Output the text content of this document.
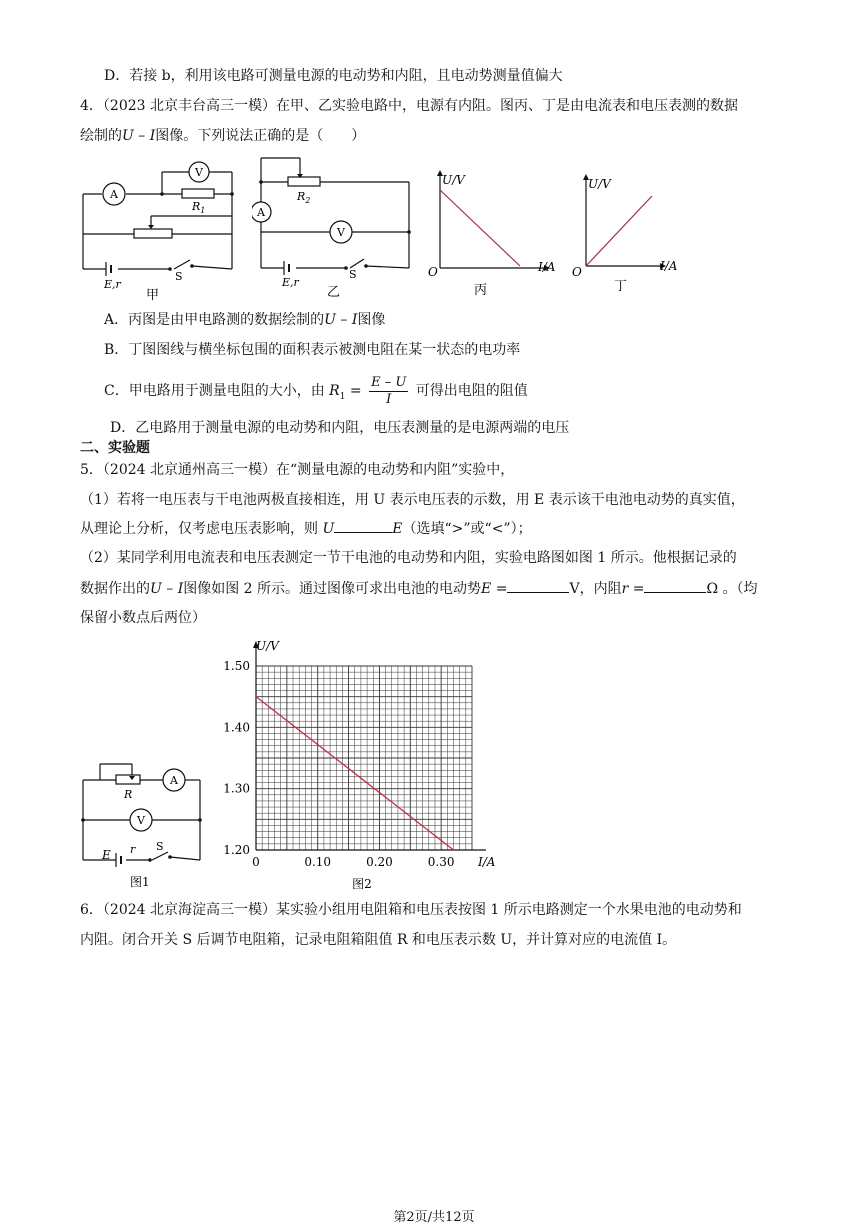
D．若接 b，利用该电路可测量电源的电动势和内阻，且电动势测量值偏大
4．（2023 北京丰台高三一模）在甲、乙实验电路中，电源有内阻。图丙、丁是由电流表和电压表测的数据
绘制的U – I图像。下列说法正确的是（　　）
A
V
$R_1$
E,r
S
甲
$R_2$
A
V
E,r
S
乙
U/V
I/A
O
丙
U/V
I/A
O
丁
A．丙图是由甲电路测的数据绘制的U – I图像
B．丁图图线与横坐标包围的面积表示被测电阻在某一状态的电功率
C．甲电路用于测量电阻的大小，由 $R_1 = \frac{E - U}{I}$ 可得出电阻的阻值
D．乙电路用于测量电源的电动势和内阻，电压表测量的是电源两端的电压
二、实验题
5．（2024 北京通州高三一模）在“测量电源的电动势和内阻”实验中，
（1）若将一电压表与干电池两极直接相连，用 U 表示电压表的示数，用 E 表示该干电池电动势的真实值，
从理论上分析，仅考虑电压表影响，则 U	E（选填“>”或“<”）；
（2）某同学利用电流表和电压表测定一节干电池的电动势和内阻，实验电路图如图 1 所示。他根据记录的
数据作出的U – I图像如图 2 所示。通过图像可求出电池的电动势E =	V，内阻r =	Ω 。（均
保留小数点后两位）
A
V
R
E r S
图1
0	0.10	0.20	0.30
1.20
1.30
1.40
1.50
U/V
I/A
图2
6．（2024 北京海淀高三一模）某实验小组用电阻箱和电压表按图 1 所示电路测定一个水果电池的电动势和
内阻。闭合开关 S 后调节电阻箱，记录电阻箱阻值 R 和电压表示数 U，并计算对应的电流值 I。
第2页/共12页
